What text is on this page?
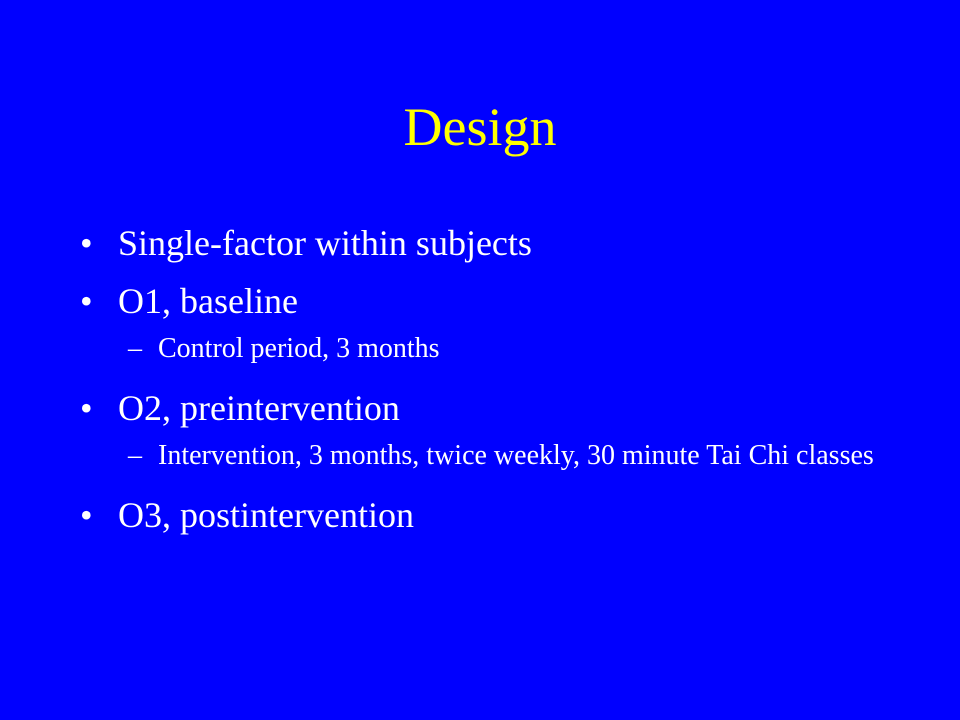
Design
• Single-factor within subjects
• O1, baseline
– Control period, 3 months
• O2, preintervention
– Intervention, 3 months, twice weekly, 30 minute Tai Chi classes
• O3, postintervention
